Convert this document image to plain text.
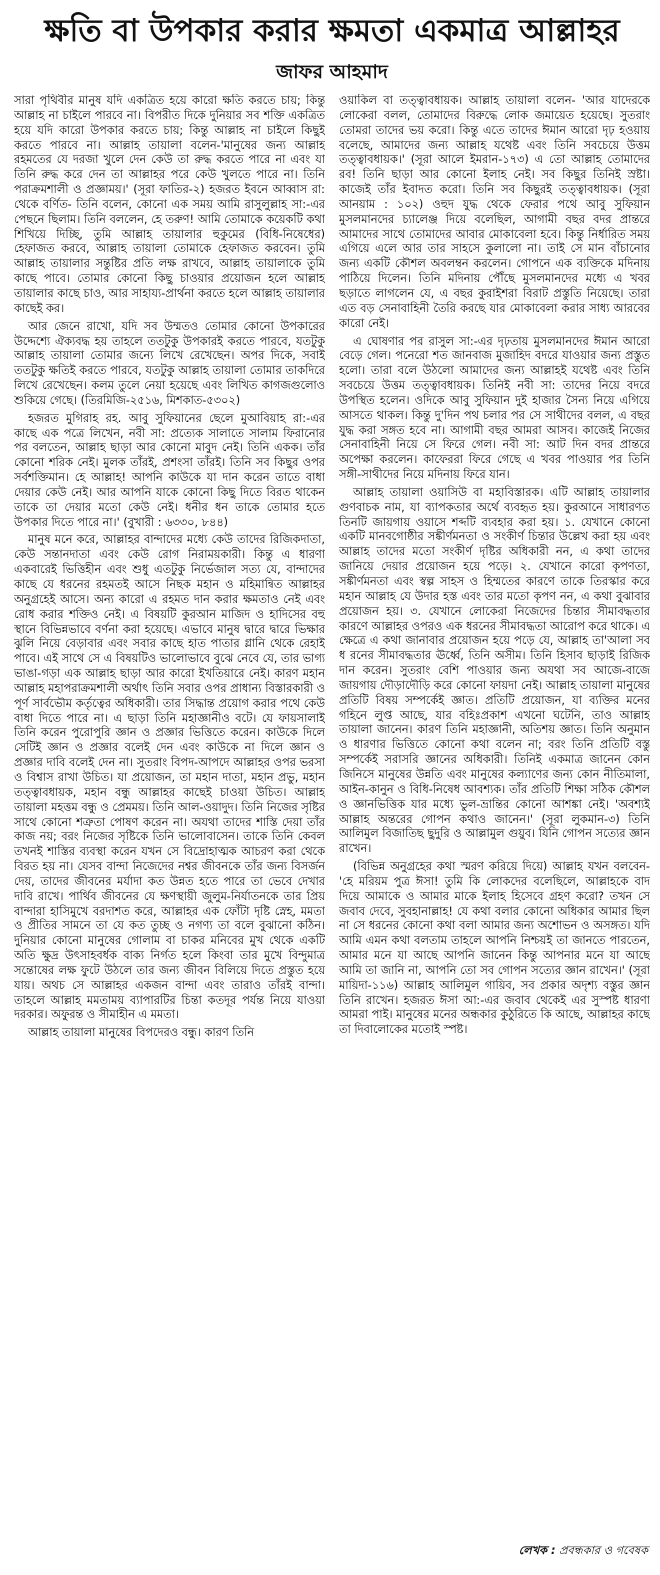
ক্ষতি বা উপকার করার ক্ষমতা একমাত্র আল্লাহর
জাফর আহমাদ

সারা পৃথিবীর মানুষ যদি একত্রিত হয়ে কারো ক্ষতি করতে চায়; কিন্তু আল্লাহ না চাইলে পারবে না। বিপরীত দিকে দুনিয়ার সব শক্তি একত্রিত হয়ে যদি কারো উপকার করতে চায়; কিন্তু আল্লাহ না চাইলে কিছুই করতে পারবে না। আল্লাহ তায়ালা বলেন-'মানুষের জন্য আল্লাহ রহমতের যে দরজা খুলে দেন কেউ তা রুদ্ধ করতে পারে না এবং যা তিনি রুদ্ধ করে দেন তা আল্লাহর পরে কেউ খুলতে পারে না। তিনি পরাক্রমশালী ও প্রজ্ঞাময়।' (সূরা ফাতির-২) হজরত ইবনে আব্বাস রা: থেকে বর্ণিত- তিনি বলেন, কোনো এক সময় আমি রাসুলুল্লাহ সা:-এর পেছনে ছিলাম। তিনি বললেন, হে তরুণ! আমি তোমাকে কয়েকটি কথা শিখিয়ে দিচ্ছি, তুমি আল্লাহ তায়ালার হুকুমের (বিধি-নিষেধের) হেফাজত করবে, আল্লাহ তায়ালা তোমাকে হেফাজত করবেন। তুমি আল্লাহ তায়ালার সন্তুষ্টির প্রতি লক্ষ রাখবে, আল্লাহ তায়ালাকে তুমি কাছে পাবে। তোমার কোনো কিছু চাওয়ার প্রয়োজন হলে আল্লাহ তায়ালার কাছে চাও, আর সাহায্য-প্রার্থনা করতে হলে আল্লাহ তায়ালার কাছেই কর।

আর জেনে রাখো, যদি সব উম্মতও তোমার কোনো উপকারের উদ্দেশ্যে ঐক্যবদ্ধ হয় তাহলে ততটুকু উপকারই করতে পারবে, যতটুকু আল্লাহ তায়ালা তোমার জন্যে লিখে রেখেছেন। অপর দিকে, সবাই ততটুকু ক্ষতিই করতে পারবে, যতটুকু আল্লাহ তায়ালা তোমার তাকদিরে লিখে রেখেছেন। কলম তুলে নেয়া হয়েছে এবং লিখিত কাগজগুলোও শুকিয়ে গেছে। (তিরমিজি-২৫১৬, মিশকাত-৫৩০২)

হজরত মুগিরাহ রহ. আবু সুফিয়ানের ছেলে মুআবিয়াহ রা:-এর কাছে এক পত্রে লিখেন, নবী সা: প্রত্যেক সালাতে সালাম ফিরানোর পর বলতেন, আল্লাহ ছাড়া আর কোনো মাবুদ নেই। তিনি একক। তাঁর কোনো শরিক নেই। মুলক তাঁরই, প্রশংসা তাঁরই। তিনি সব কিছুর ওপর সর্বশক্তিমান। হে আল্লাহ! আপনি কাউকে যা দান করেন তাতে বাধা দেয়ার কেউ নেই। আর আপনি যাকে কোনো কিছু দিতে বিরত থাকেন তাকে তা দেয়ার মতো কেউ নেই। ধনীর ধন তাকে তোমার হতে উপকার দিতে পারে না।' (বুখারী : ৬৩৩০, ৮৪৪)

মানুষ মনে করে, আল্লাহর বান্দাদের মধ্যে কেউ তাদের রিজিকদাতা, কেউ সন্তানদাতা এবং কেউ রোগ নিরাময়কারী। কিন্তু এ ধারণা একবারেই ভিত্তিহীন এবং শুধু এতটুকু নির্ভেজাল সত্য যে, বান্দাদের কাছে যে ধরনের রহমতই আসে নিছক মহান ও মহিমান্বিত আল্লাহর অনুগ্রহেই আসে। অন্য কারো এ রহমত দান করার ক্ষমতাও নেই এবং রোধ করার শক্তিও নেই। এ বিষয়টি কুরআন মাজিদ ও হাদিসের বহু স্থানে বিভিন্নভাবে বর্ণনা করা হয়েছে। এভাবে মানুষ দ্বারে দ্বারে ভিক্ষার ঝুলি নিয়ে বেড়াবার এবং সবার কাছে হাত পাতার গ্লানি থেকে রেহাই পাবে। এই সাথে সে এ বিষয়টিও ভালোভাবে বুঝে নেবে যে, তার ভাগ্য ভাঙা-গড়া এক আল্লাহ ছাড়া আর কারো ইখতিয়ারে নেই। কারণ মহান আল্লাহ মহাপরাক্রমশালী অর্থাৎ তিনি সবার ওপর প্রাধান্য বিস্তারকারী ও পূর্ণ সার্বভৌম কর্তৃত্বের অধিকারী। তার সিদ্ধান্ত প্রয়োগ করার পথে কেউ বাধা দিতে পারে না। এ ছাড়া তিনি মহাজ্ঞানীও বটে। যে ফায়সালাই তিনি করেন পুরোপুরি জ্ঞান ও প্রজ্ঞার ভিত্তিতে করেন। কাউকে দিলে সেটিই জ্ঞান ও প্রজ্ঞার বলেই দেন এবং কাউকে না দিলে জ্ঞান ও প্রজ্ঞার দাবি বলেই দেন না। সুতরাং বিপদ-আপদে আল্লাহর ওপর ভরসা ও বিশ্বাস রাখা উচিত। যা প্রয়োজন, তা মহান দাতা, মহান প্রভু, মহান তত্ত্বাবধায়ক, মহান বন্ধু আল্লাহর কাছেই চাওয়া উচিত। আল্লাহ তায়ালা মহত্তম বন্ধু ও প্রেমময়। তিনি আল-ওয়াদুদ। তিনি নিজের সৃষ্টির সাথে কোনো শত্রুতা পোষণ করেন না। অযথা তাদের শাস্তি দেয়া তাঁর কাজ নয়; বরং নিজের সৃষ্টিকে তিনি ভালোবাসেন। তাকে তিনি কেবল তখনই শাস্তির ব্যবস্থা করেন যখন সে বিদ্রোহাত্মক আচরণ করা থেকে বিরত হয় না। যেসব বান্দা নিজেদের নশ্বর জীবনকে তাঁর জন্য বিসর্জন দেয়, তাদের জীবনের মর্যাদা কত উন্নত হতে পারে তা ভেবে দেখার দাবি রাখে। পার্থিব জীবনের যে ক্ষণস্থায়ী জুলুম-নির্যাতনকে তার প্রিয় বান্দারা হাসিমুখে বরদাশত করে, আল্লাহর এক ফোঁটা দৃষ্টি স্নেহ, মমতা ও প্রীতির সামনে তা যে কত তুচ্ছ ও নগণ্য তা বলে বুঝানো কঠিন। দুনিয়ার কোনো মানুষের গোলাম বা চাকর মনিবের মুখ থেকে একটি অতি ক্ষুদ্র উৎসাহবর্ধক বাক্য নির্গত হলে কিংবা তার মুখে বিন্দুমাত্র সন্তোষের লক্ষ ফুটে উঠলে তার জন্য জীবন বিলিয়ে দিতে প্রস্তুত হয়ে যায়। অথচ সে আল্লাহর একজন বান্দা এবং তারাও তাঁরই বান্দা। তাহলে আল্লাহ মমতাময় ব্যাপারটির চিন্তা কতদূর পর্যন্ত নিয়ে যাওয়া দরকার। অফুরন্ত ও সীমাহীন এ মমতা।

আল্লাহ তায়ালা মানুষের বিপদেরও বন্ধু। কারণ তিনি

ওয়াকিল বা তত্ত্বাবধায়ক। আল্লাহ তায়ালা বলেন- 'আর যাদেরকে লোকেরা বলল, তোমাদের বিরুদ্ধে লোক জমায়েত হয়েছে। সুতরাং তোমরা তাদের ভয় করো। কিন্তু এতে তাদের ঈমান আরো দৃঢ় হওয়ায় বলেছে, আমাদের জন্য আল্লাহ যথেষ্ট এবং তিনি সবচেয়ে উত্তম তত্ত্বাবধায়ক।' (সূরা আলে ইমরান-১৭৩) এ তো আল্লাহ তোমাদের রব! তিনি ছাড়া আর কোনো ইলাহ নেই। সব কিছুর তিনিই স্রষ্টা। কাজেই তাঁর ইবাদত করো। তিনি সব কিছুরই তত্ত্বাবধায়ক। (সূরা আনয়াম : ১০২) ওহুদ যুদ্ধ থেকে ফেরার পথে আবু সুফিয়ান মুসলমানদের চ্যালেঞ্জ দিয়ে বলেছিল, আগামী বছর বদর প্রান্তরে আমাদের সাথে তোমাদের আবার মোকাবেলা হবে। কিন্তু নির্ধারিত সময় এগিয়ে এলে আর তার সাহসে কুলালো না। তাই সে মান বাঁচানোর জন্য একটি কৌশল অবলম্বন করলেন। গোপনে এক ব্যক্তিকে মদিনায় পাঠিয়ে দিলেন। তিনি মদিনায় পৌঁছে মুসলমানদের মধ্যে এ খবর ছড়াতে লাগলেন যে, এ বছর কুরাইশরা বিরাট প্রস্তুতি নিয়েছে। তারা এত বড় সেনাবাহিনী তৈরি করছে যার মোকাবেলা করার সাধ্য আরবের কারো নেই।

এ ঘোষণার পর রাসুল সা:-এর দৃঢ়তায় মুসলমানদের ঈমান আরো বেড়ে গেল। পনেরো শত জানবাজ মুজাহিদ বদরে যাওয়ার জন্য প্রস্তুত হলো। তারা বলে উঠলো আমাদের জন্য আল্লাহই যথেষ্ট এবং তিনি সবচেয়ে উত্তম তত্ত্বাবধায়ক। তিনিই নবী সা: তাদের নিয়ে বদরে উপস্থিত হলেন। ওদিকে আবু সুফিয়ান দুই হাজার সৈন্য নিয়ে এগিয়ে আসতে থাকল। কিন্তু দু'দিন পথ চলার পর সে সাথীদের বলল, এ বছর যুদ্ধ করা সঙ্গত হবে না। আগামী বছর আমরা আসব। কাজেই নিজের সেনাবাহিনী নিয়ে সে ফিরে গেল। নবী সা: আট দিন বদর প্রান্তরে অপেক্ষা করলেন। কাফেররা ফিরে গেছে এ খবর পাওয়ার পর তিনি সঙ্গী-সাথীদের নিয়ে মদিনায় ফিরে যান।

আল্লাহ তায়ালা ওয়াসিউ বা মহাবিস্তারক। এটি আল্লাহ তায়ালার গুণবাচক নাম, যা ব্যাপকতার অর্থে ব্যবহৃত হয়। কুরআনে সাধারণত তিনটি জায়গায় ওয়াসে শব্দটি ব্যবহার করা হয়। ১. যেখানে কোনো একটি মানবগোষ্ঠীর সঙ্কীর্ণমনতা ও সংকীর্ণ চিন্তার উল্লেখ করা হয় এবং আল্লাহ তাদের মতো সংকীর্ণ দৃষ্টির অধিকারী নন, এ কথা তাদের জানিয়ে দেয়ার প্রয়োজন হয়ে পড়ে। ২. যেখানে কারো কৃপণতা, সঙ্কীর্ণমনতা এবং স্বল্প সাহস ও হিম্মতের কারণে তাকে তিরস্কার করে মহান আল্লাহ যে উদার হস্ত এবং তার মতো কৃপণ নন, এ কথা বুঝাবার প্রয়োজন হয়। ৩. যেখানে লোকেরা নিজেদের চিন্তার সীমাবদ্ধতার কারণে আল্লাহর ওপরও এক ধরনের সীমাবদ্ধতা আরোপ করে থাকে। এ ক্ষেত্রে এ কথা জানাবার প্রয়োজন হয়ে পড়ে যে, আল্লাহ তা'আলা সব ধ রনের সীমাবদ্ধতার ঊর্ধ্বে, তিনি অসীম। তিনি হিসাব ছাড়াই রিজিক দান করেন। সুতরাং বেশি পাওয়ার জন্য অযথা সব আজে-বাজে জায়গায় দৌড়াদৌড়ি করে কোনো ফায়দা নেই। আল্লাহ তায়ালা মানুষের প্রতিটি বিষয় সম্পর্কেই জ্ঞাত। প্রতিটি প্রয়োজন, যা ব্যক্তির মনের গহিনে লুপ্ত আছে, যার বহিঃপ্রকাশ এখনো ঘটেনি, তাও আল্লাহ তায়ালা জানেন। কারণ তিনি মহাজ্ঞানী, অতিশয় জ্ঞাত। তিনি অনুমান ও ধারণার ভিত্তিতে কোনো কথা বলেন না; বরং তিনি প্রতিটি বস্তু সম্পর্কেই সরাসরি জ্ঞানের অধিকারী। তিনিই একমাত্র জানেন কোন জিনিসে মানুষের উন্নতি এবং মানুষের কল্যাণের জন্য কোন নীতিমালা, আইন-কানুন ও বিধি-নিষেধ আবশ্যক। তাঁর প্রতিটি শিক্ষা সঠিক কৌশল ও জ্ঞানভিত্তিক যার মধ্যে ভুল-ভ্রান্তির কোনো আশঙ্কা নেই। 'অবশ্যই আল্লাহ অন্তরের গোপন কথাও জানেন।' (সূরা লুকমান-৩) তিনি আলিমুল বিজাতিছ ছুদুরি ও আল্লামুল গুয়ুব। যিনি গোপন সত্যের জ্ঞান রাখেন।

(বিভিন্ন অনুগ্রহের কথা স্মরণ করিয়ে দিয়ে) আল্লাহ যখন বলবেন- 'হে মরিয়ম পুত্র ঈসা! তুমি কি লোকদের বলেছিলে, আল্লাহকে বাদ দিয়ে আমাকে ও আমার মাকে ইলাহ হিসেবে গ্রহণ করো? তখন সে জবাব দেবে, সুবহানাল্লাহ! যে কথা বলার কোনো অধিকার আমার ছিল না সে ধরনের কোনো কথা বলা আমার জন্য অশোভন ও অসঙ্গত। যদি আমি এমন কথা বলতাম তাহলে আপনি নিশ্চয়ই তা জানতে পারতেন, আমার মনে যা আছে আপনি জানেন কিন্তু আপনার মনে যা আছে আমি তা জানি না, আপনি তো সব গোপন সত্যের জ্ঞান রাখেন।' (সূরা মায়িদা-১১৬) আল্লাহ আলিমুল গায়িব, সব প্রকার অদৃশ্য বস্তুর জ্ঞান তিনি রাখেন। হজরত ঈসা আ:-এর জবাব থেকেই এর সুস্পষ্ট ধারণা আমরা পাই। মানুষের মনের অন্ধকার কুঠুরিতে কি আছে, আল্লাহর কাছে তা দিবালোকের মতোই স্পষ্ট।

লেখক : প্রবন্ধকার ও গবেষক
